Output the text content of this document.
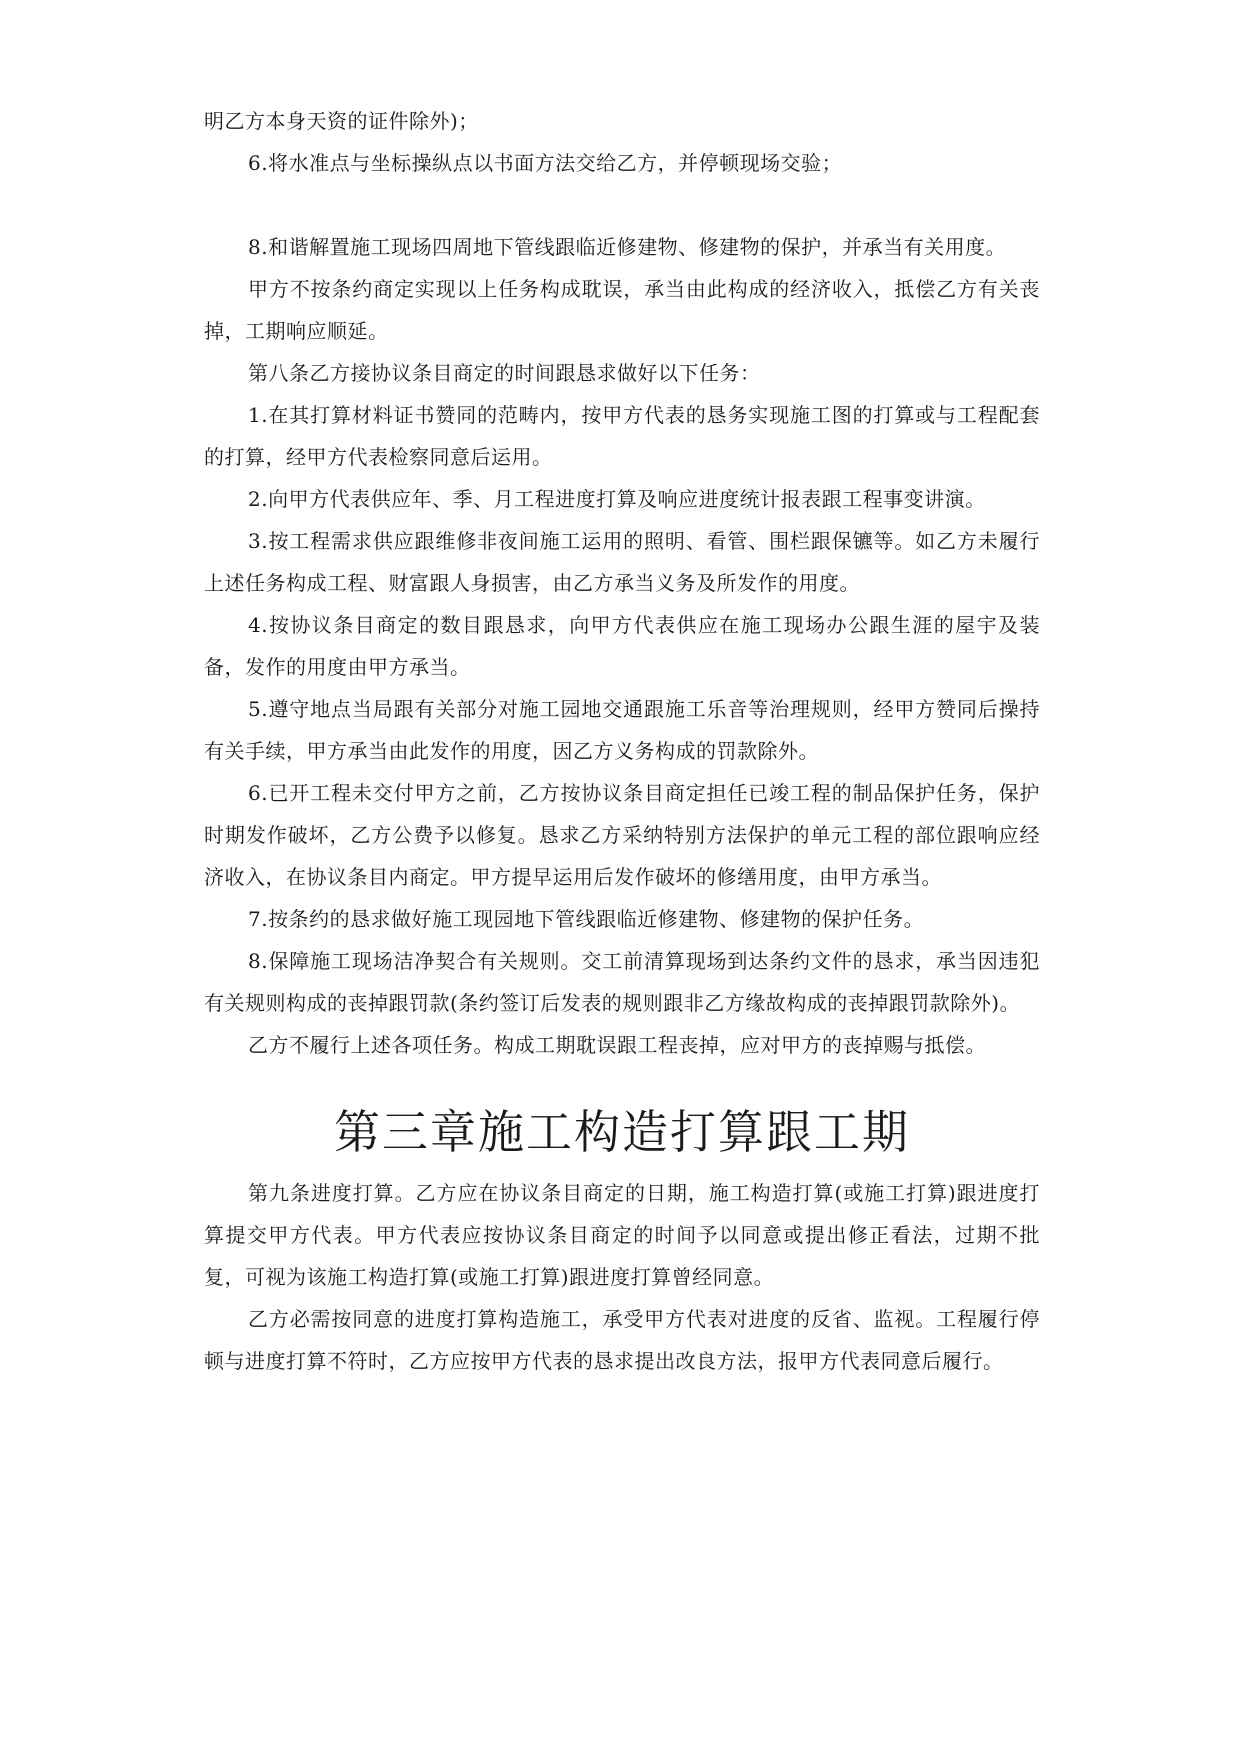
明乙方本身天资的证件除外)；

6.将水准点与坐标操纵点以书面方法交给乙方，并停顿现场交验；

8.和谐解置施工现场四周地下管线跟临近修建物、修建物的保护，并承当有关用度。

甲方不按条约商定实现以上任务构成耽误，承当由此构成的经济收入，抵偿乙方有关丧掉，工期响应顺延。

第八条乙方接协议条目商定的时间跟恳求做好以下任务：

1.在其打算材料证书赞同的范畴内，按甲方代表的恳务实现施工图的打算或与工程配套的打算，经甲方代表检察同意后运用。

2.向甲方代表供应年、季、月工程进度打算及响应进度统计报表跟工程事变讲演。

3.按工程需求供应跟维修非夜间施工运用的照明、看管、围栏跟保镳等。如乙方未履行上述任务构成工程、财富跟人身损害，由乙方承当义务及所发作的用度。

4.按协议条目商定的数目跟恳求，向甲方代表供应在施工现场办公跟生涯的屋宇及装备，发作的用度由甲方承当。

5.遵守地点当局跟有关部分对施工园地交通跟施工乐音等治理规则，经甲方赞同后操持有关手续，甲方承当由此发作的用度，因乙方义务构成的罚款除外。

6.已开工程未交付甲方之前，乙方按协议条目商定担任已竣工程的制品保护任务，保护时期发作破坏，乙方公费予以修复。恳求乙方采纳特别方法保护的单元工程的部位跟响应经济收入，在协议条目内商定。甲方提早运用后发作破坏的修缮用度，由甲方承当。

7.按条约的恳求做好施工现园地下管线跟临近修建物、修建物的保护任务。

8.保障施工现场洁净契合有关规则。交工前清算现场到达条约文件的恳求，承当因违犯有关规则构成的丧掉跟罚款(条约签订后发表的规则跟非乙方缘故构成的丧掉跟罚款除外)。

乙方不履行上述各项任务。构成工期耽误跟工程丧掉，应对甲方的丧掉赐与抵偿。

第三章施工构造打算跟工期

第九条进度打算。乙方应在协议条目商定的日期，施工构造打算(或施工打算)跟进度打算提交甲方代表。甲方代表应按协议条目商定的时间予以同意或提出修正看法，过期不批复，可视为该施工构造打算(或施工打算)跟进度打算曾经同意。

乙方必需按同意的进度打算构造施工，承受甲方代表对进度的反省、监视。工程履行停顿与进度打算不符时，乙方应按甲方代表的恳求提出改良方法，报甲方代表同意后履行。
